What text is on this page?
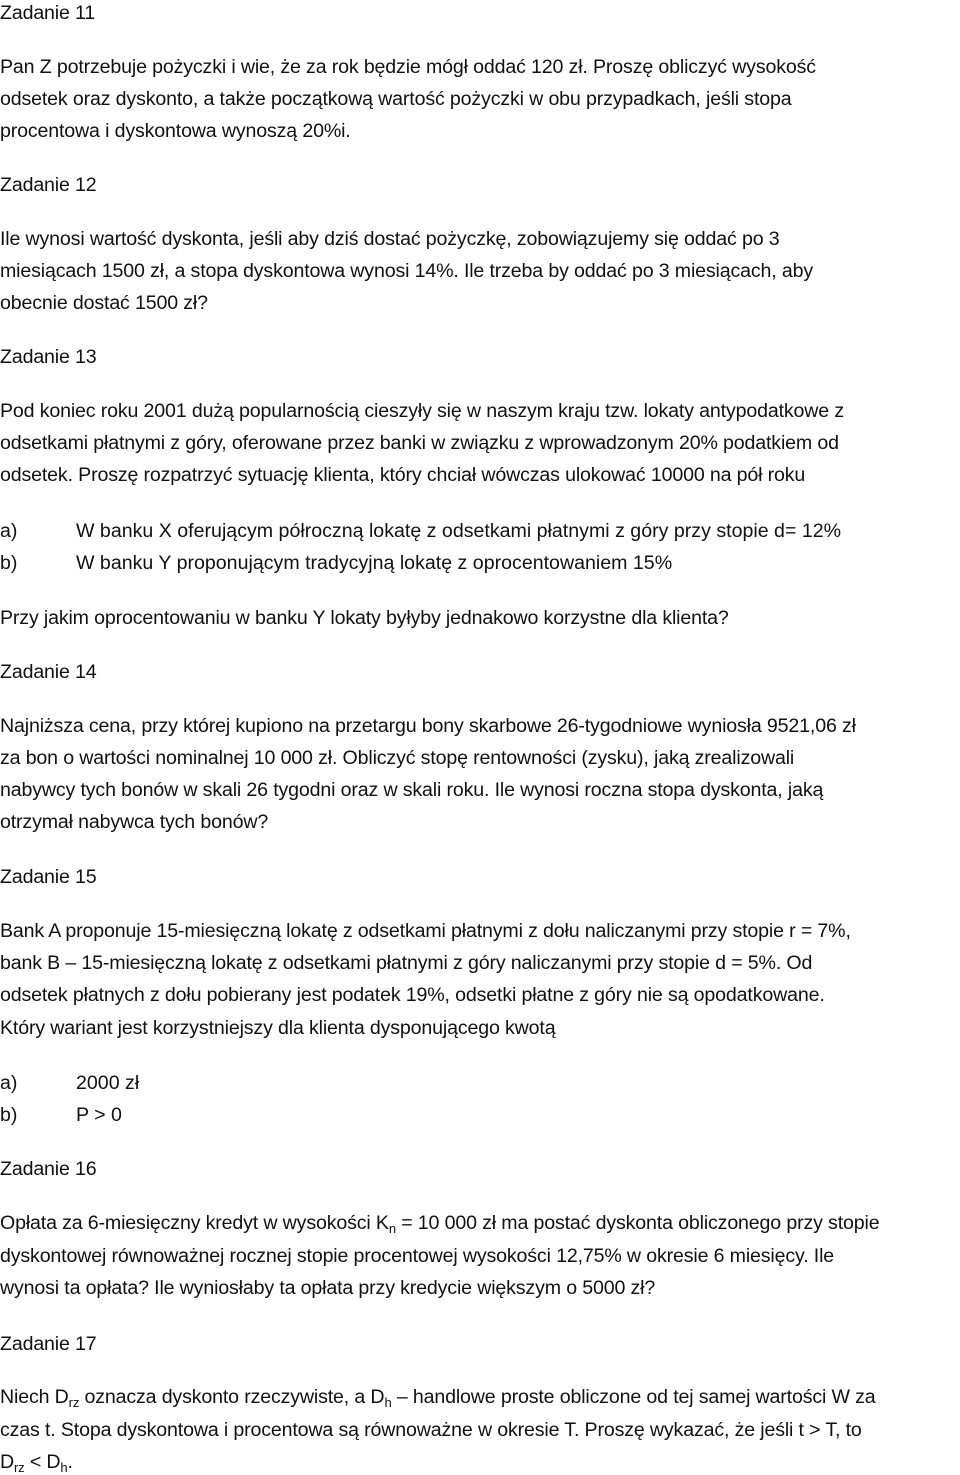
Zadanie 11
Pan Z potrzebuje pożyczki i wie, że za rok będzie mógł oddać 120 zł. Proszę obliczyć wysokość
odsetek oraz dyskonto, a także początkową wartość pożyczki w obu przypadkach, jeśli stopa
procentowa i dyskontowa wynoszą 20%i.
Zadanie 12
Ile wynosi wartość dyskonta, jeśli aby dziś dostać pożyczkę, zobowiązujemy się oddać po 3
miesiącach 1500 zł, a stopa dyskontowa wynosi 14%. Ile trzeba by oddać po 3 miesiącach, aby
obecnie dostać 1500 zł?
Zadanie 13
Pod koniec roku 2001 dużą popularnością cieszyły się w naszym kraju tzw. lokaty antypodatkowe z
odsetkami płatnymi z góry, oferowane przez banki w związku z wprowadzonym 20% podatkiem od
odsetek. Proszę rozpatrzyć sytuację klienta, który chciał wówczas ulokować 10000 na pół roku
a)	W banku X oferującym półroczną lokatę z odsetkami płatnymi z góry przy stopie d= 12%
b)	W banku Y proponującym tradycyjną lokatę z oprocentowaniem 15%
Przy jakim oprocentowaniu w banku Y lokaty byłyby jednakowo korzystne dla klienta?
Zadanie 14
Najniższa cena, przy której kupiono na przetargu bony skarbowe 26-tygodniowe wyniosła 9521,06 zł
za bon o wartości nominalnej 10 000 zł. Obliczyć stopę rentowności (zysku), jaką zrealizowali
nabywcy tych bonów w skali 26 tygodni oraz w skali roku. Ile wynosi roczna stopa dyskonta, jaką
otrzymał nabywca tych bonów?
Zadanie 15
Bank A proponuje 15-miesięczną lokatę z odsetkami płatnymi z dołu naliczanymi przy stopie r = 7%,
bank B – 15-miesięczną lokatę z odsetkami płatnymi z góry naliczanymi przy stopie d = 5%. Od
odsetek płatnych z dołu pobierany jest podatek 19%, odsetki płatne z góry nie są opodatkowane.
Który wariant jest korzystniejszy dla klienta dysponującego kwotą
a)	2000 zł
b)	P > 0
Zadanie 16
Opłata za 6-miesięczny kredyt w wysokości $K_n = 10$ 000 zł ma postać dyskonta obliczonego przy stopie
dyskontowej równoważnej rocznej stopie procentowej wysokości 12,75% w okresie 6 miesięcy. Ile
wynosi ta opłata? Ile wyniosłaby ta opłata przy kredycie większym o 5000 zł?
Zadanie 17
Niech $D_{rz}$ oznacza dyskonto rzeczywiste, a $D_h$ – handlowe proste obliczone od tej samej wartości W za
czas t. Stopa dyskontowa i procentowa są równoważne w okresie T. Proszę wykazać, że jeśli t > T, to
$D_{rz} < D_h$.
